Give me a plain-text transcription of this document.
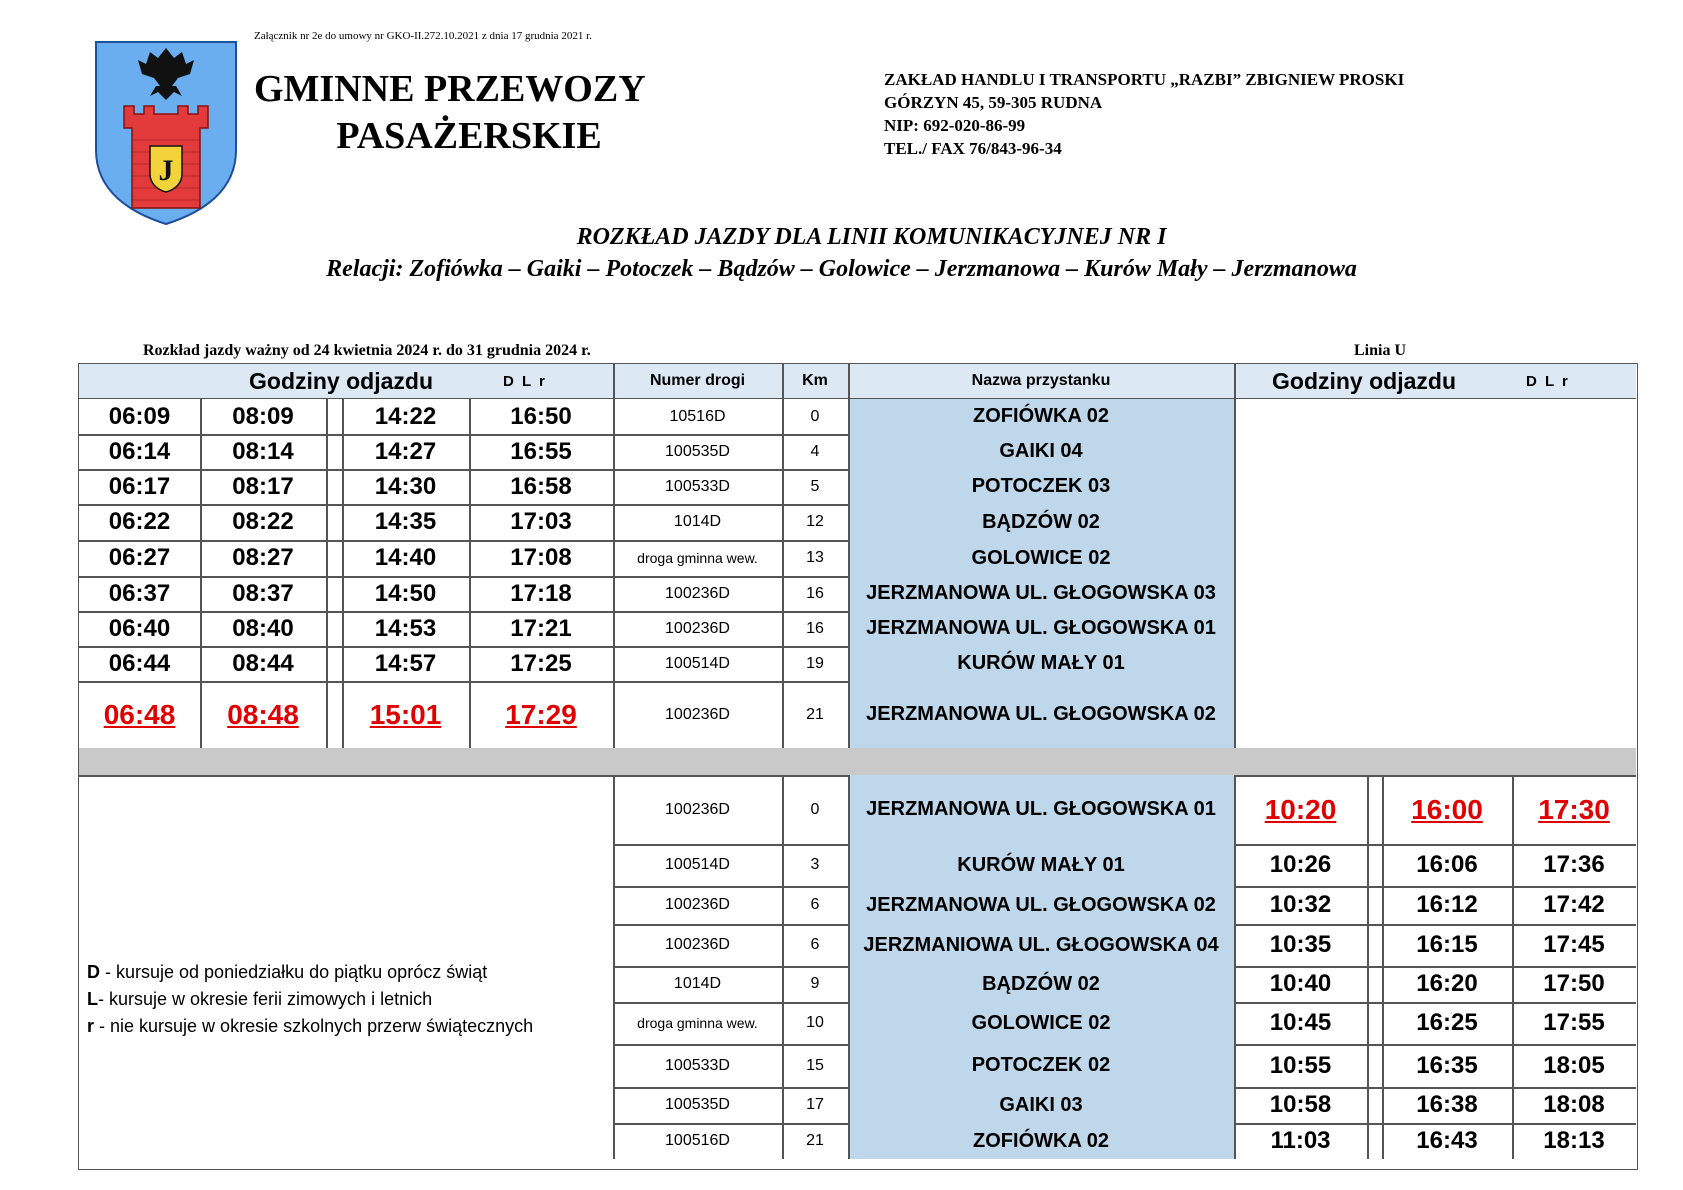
Załącznik nr 2e do umowy nr GKO-II.272.10.2021 z dnia 17 grudnia 2021 r.
J
GMINNE PRZEWOZY
PASAŻERSKIE
ZAKŁAD HANDLU I TRANSPORTU „RAZBI” ZBIGNIEW PROSKI
GÓRZYN 45, 59-305 RUDNA
NIP: 692-020-86-99
TEL./ FAX 76/843-96-34
ROZKŁAD JAZDY DLA LINII KOMUNIKACYJNEJ NR I
Relacji: Zofiówka – Gaiki – Potoczek – Bądzów – Golowice – Jerzmanowa – Kurów Mały – Jerzmanowa
Rozkład jazdy ważny od 24 kwietnia 2024 r. do 31 grudnia 2024 r.	Linia U
Godziny odjazdu	D L r	Numer drogi	Km	Nazwa przystanku	Godziny odjazdu	D L r
06:09	08:09	14:22	16:50	10516D	0	ZOFIÓWKA 02
06:14	08:14	14:27	16:55	100535D	4	GAIKI 04
06:17	08:17	14:30	16:58	100533D	5	POTOCZEK 03
06:22	08:22	14:35	17:03	1014D	12	BĄDZÓW 02
06:27	08:27	14:40	17:08	droga gminna wew.	13	GOLOWICE 02
06:37	08:37	14:50	17:18	100236D	16	JERZMANOWA UL. GŁOGOWSKA 03
06:40	08:40	14:53	17:21	100236D	16	JERZMANOWA UL. GŁOGOWSKA 01
06:44	08:44	14:57	17:25	100514D	19	KURÓW MAŁY 01
06:48	08:48	15:01	17:29	100236D	21	JERZMANOWA UL. GŁOGOWSKA 02
100236D	0	JERZMANOWA UL. GŁOGOWSKA 01	10:20	16:00	17:30
100514D	3	KURÓW MAŁY 01	10:26	16:06	17:36
100236D	6	JERZMANOWA UL. GŁOGOWSKA 02	10:32	16:12	17:42
100236D	6	JERZMANIOWA UL. GŁOGOWSKA 04	10:35	16:15	17:45
1014D	9	BĄDZÓW 02	10:40	16:20	17:50
droga gminna wew.	10	GOLOWICE 02	10:45	16:25	17:55
100533D	15	POTOCZEK 02	10:55	16:35	18:05
100535D	17	GAIKI 03	10:58	16:38	18:08
100516D	21	ZOFIÓWKA 02	11:03	16:43	18:13
D - kursuje od poniedziałku do piątku oprócz świąt
L- kursuje w okresie ferii zimowych i letnich
r - nie kursuje w okresie szkolnych przerw świątecznych
